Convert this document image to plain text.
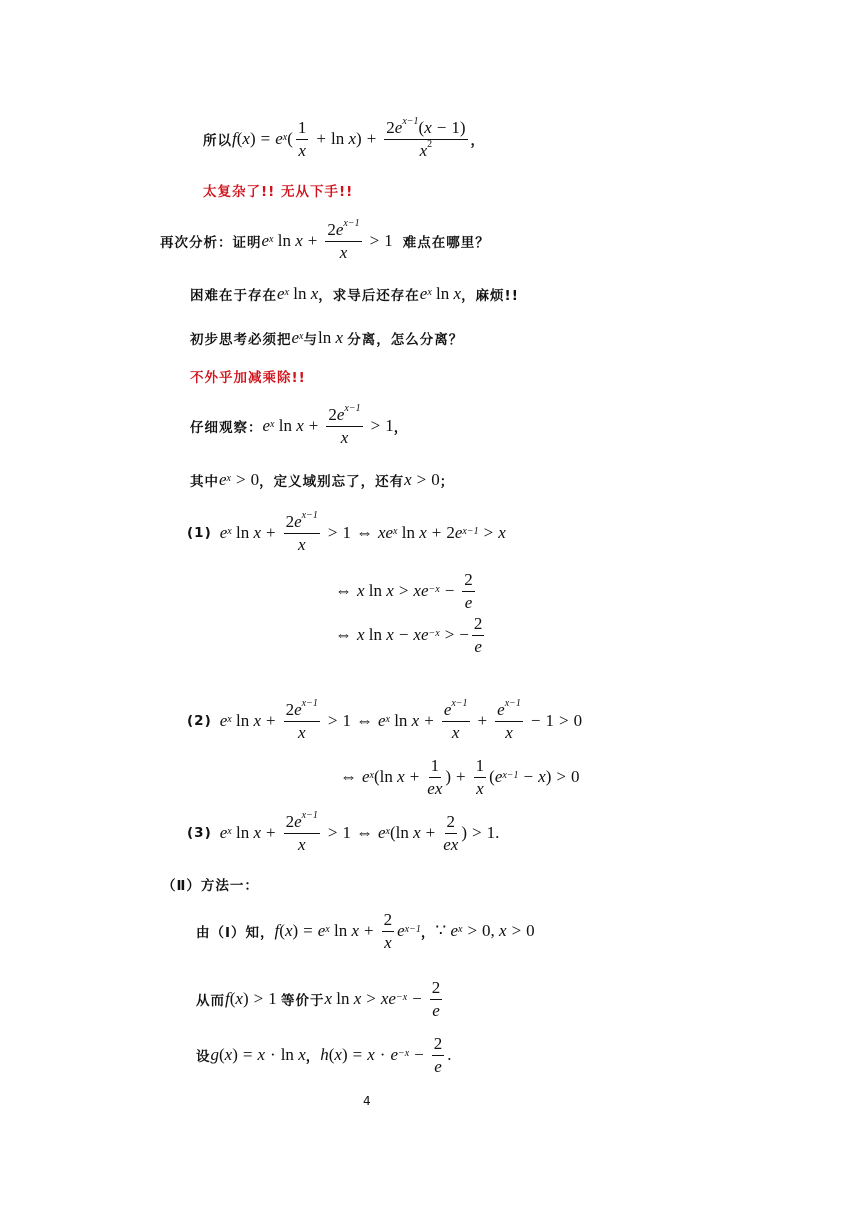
所以 f ( x ) = $e^x$ ( $\frac{1}{x} + \ln x$ ) + $\frac{2e^{x-1}(x - 1)}{x^2}$ ，
太复杂了!! 无从下手!!
再次分析：证明 $e^x$ $\ln x + \frac{2e^{x-1}}{x} > 1$ 难点在哪里？
困难在于存在 $e^x$ ln x ，求导后还存在 $e^x$ ln x ，麻烦!!
初步思考必须把 $e^x$ 与 ln x 分离，怎么分离？
不外乎加减乘除!!
仔细观察： $e^x$ $\ln x + \frac{2e^{x-1}}{x} > 1$ ，
其中 $e^x > 0$ ，定义域别忘了，还有 x > 0 ；
(1) $e^x$ $\ln x + \frac{2e^{x-1}}{x} > 1$ ⇔ $xe^x$ ln x + 2 $e^{x-1} > x$
⇔ x $\ln x > xe^{-x} - \frac{2}{e}$
⇔ x $\ln x - xe^{-x}$ > − $\frac{2}{e}$
(2) $e^x$ $\ln x + \frac{2e^{x-1}}{x} > 1$ ⇔ $e^x$ $\ln x + \frac{e^{x-1}}{x} + \frac{e^{x-1}}{x} - 1 > 0$
⇔ $e^x$ (ln $x + \frac{1}{ex}$ ) + $\frac{1}{x}$ ( $e^{x-1} - x$ ) > 0
(3) $e^x$ $\ln x + \frac{2e^{x-1}}{x} > 1$ ⇔ $e^x$ (ln $x + \frac{2}{ex}$ ) > 1.
（Ⅱ）方法一：
由（Ⅰ）知， f ( x ) = $e^x$ $\ln x + \frac{2}{x} e^{x-1}$ ， ∵ $e^x > 0$, x > 0
从而 f ( x ) > 1
等价于 x $\ln x > xe^{-x} - \frac{2}{e}$
设 g ( x ) = x · ln x ， h ( x ) = $x \cdot e^{-x} - \frac{2}{e}$ .
4
